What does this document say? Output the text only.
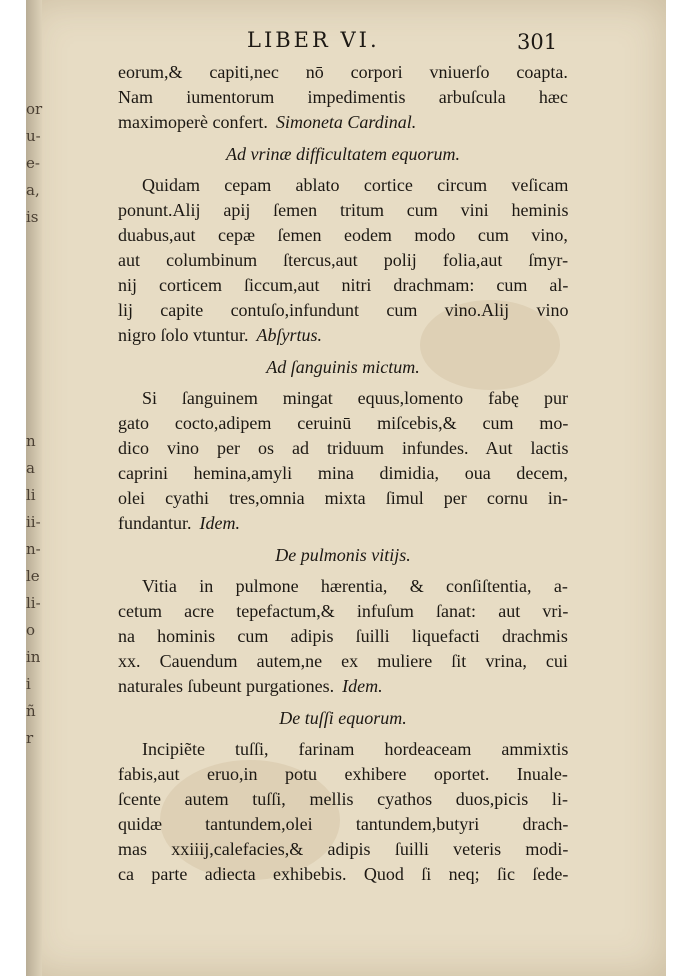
or
u-
e-
a,
is
n
a
li
ii-
n-
le
li-
o
in
i
ñ
r
LIBER VI.	301
eorum,& capiti,nec nō corpori vniuerſo coapta.
Nam iumentorum impedimentis arbuſcula hæc
maximoperè confert. Simoneta Cardinal.
Ad vrinæ difficultatem equorum.
Quidam cepam ablato cortice circum veſicam
ponunt.Alij apij ſemen tritum cum vini heminis
duabus,aut cepæ ſemen eodem modo cum vino,
aut columbinum ſtercus,aut polij folia,aut ſmyr-
nij corticem ſiccum,aut nitri drachmam: cum al-
lij capite contuſo,infundunt cum vino.Alij vino
nigro ſolo vtuntur. Abſyrtus.
Ad ſanguinis mictum.
Si ſanguinem mingat equus,lomento fabę pur
gato cocto,adipem ceruinū miſcebis,& cum mo-
dico vino per os ad triduum infundes. Aut lactis
caprini hemina,amyli mina dimidia, oua decem,
olei cyathi tres,omnia mixta ſimul per cornu in-
fundantur. Idem.
De pulmonis vitijs.
Vitia in pulmone hærentia, & conſiſtentia, a-
cetum acre tepefactum,& infuſum ſanat: aut vri-
na hominis cum adipis ſuilli liquefacti drachmis
xx. Cauendum autem,ne ex muliere ſit vrina, cui
naturales ſubeunt purgationes. Idem.
De tuſſi equorum.
Incipiẽte tuſſi, farinam hordeaceam ammixtis
fabis,aut eruo,in potu exhibere oportet. Inuale-
ſcente autem tuſſi, mellis cyathos duos,picis li-
quidæ tantundem,olei tantundem,butyri drach-
mas xxiiij,calefacies,& adipis ſuilli veteris modi-
ca parte adiecta exhibebis. Quod ſi neq; ſic ſede-
